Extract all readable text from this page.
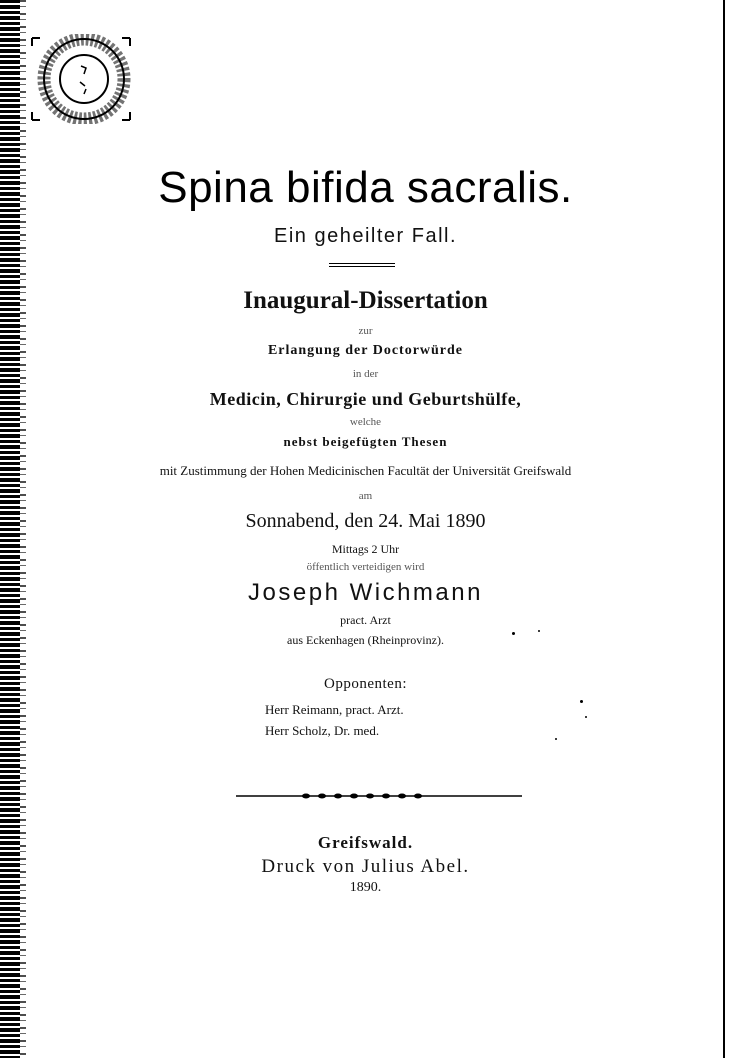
Spina bifida sacralis.
Ein geheilter Fall.
Inaugural-Dissertation
zur
Erlangung der Doctorwürde
in der
Medicin, Chirurgie und Geburtshülfe,
welche
nebst beigefügten Thesen
mit Zustimmung der Hohen Medicinischen Facultät der Universität Greifswald
am
Sonnabend, den 24. Mai 1890
Mittags 2 Uhr
öffentlich verteidigen wird
Joseph Wichmann
pract. Arzt
aus Eckenhagen (Rheinprovinz).
Opponenten:
Herr Reimann, pract. Arzt.
Herr Scholz, Dr. med.
Greifswald.
Druck von Julius Abel.
1890.
